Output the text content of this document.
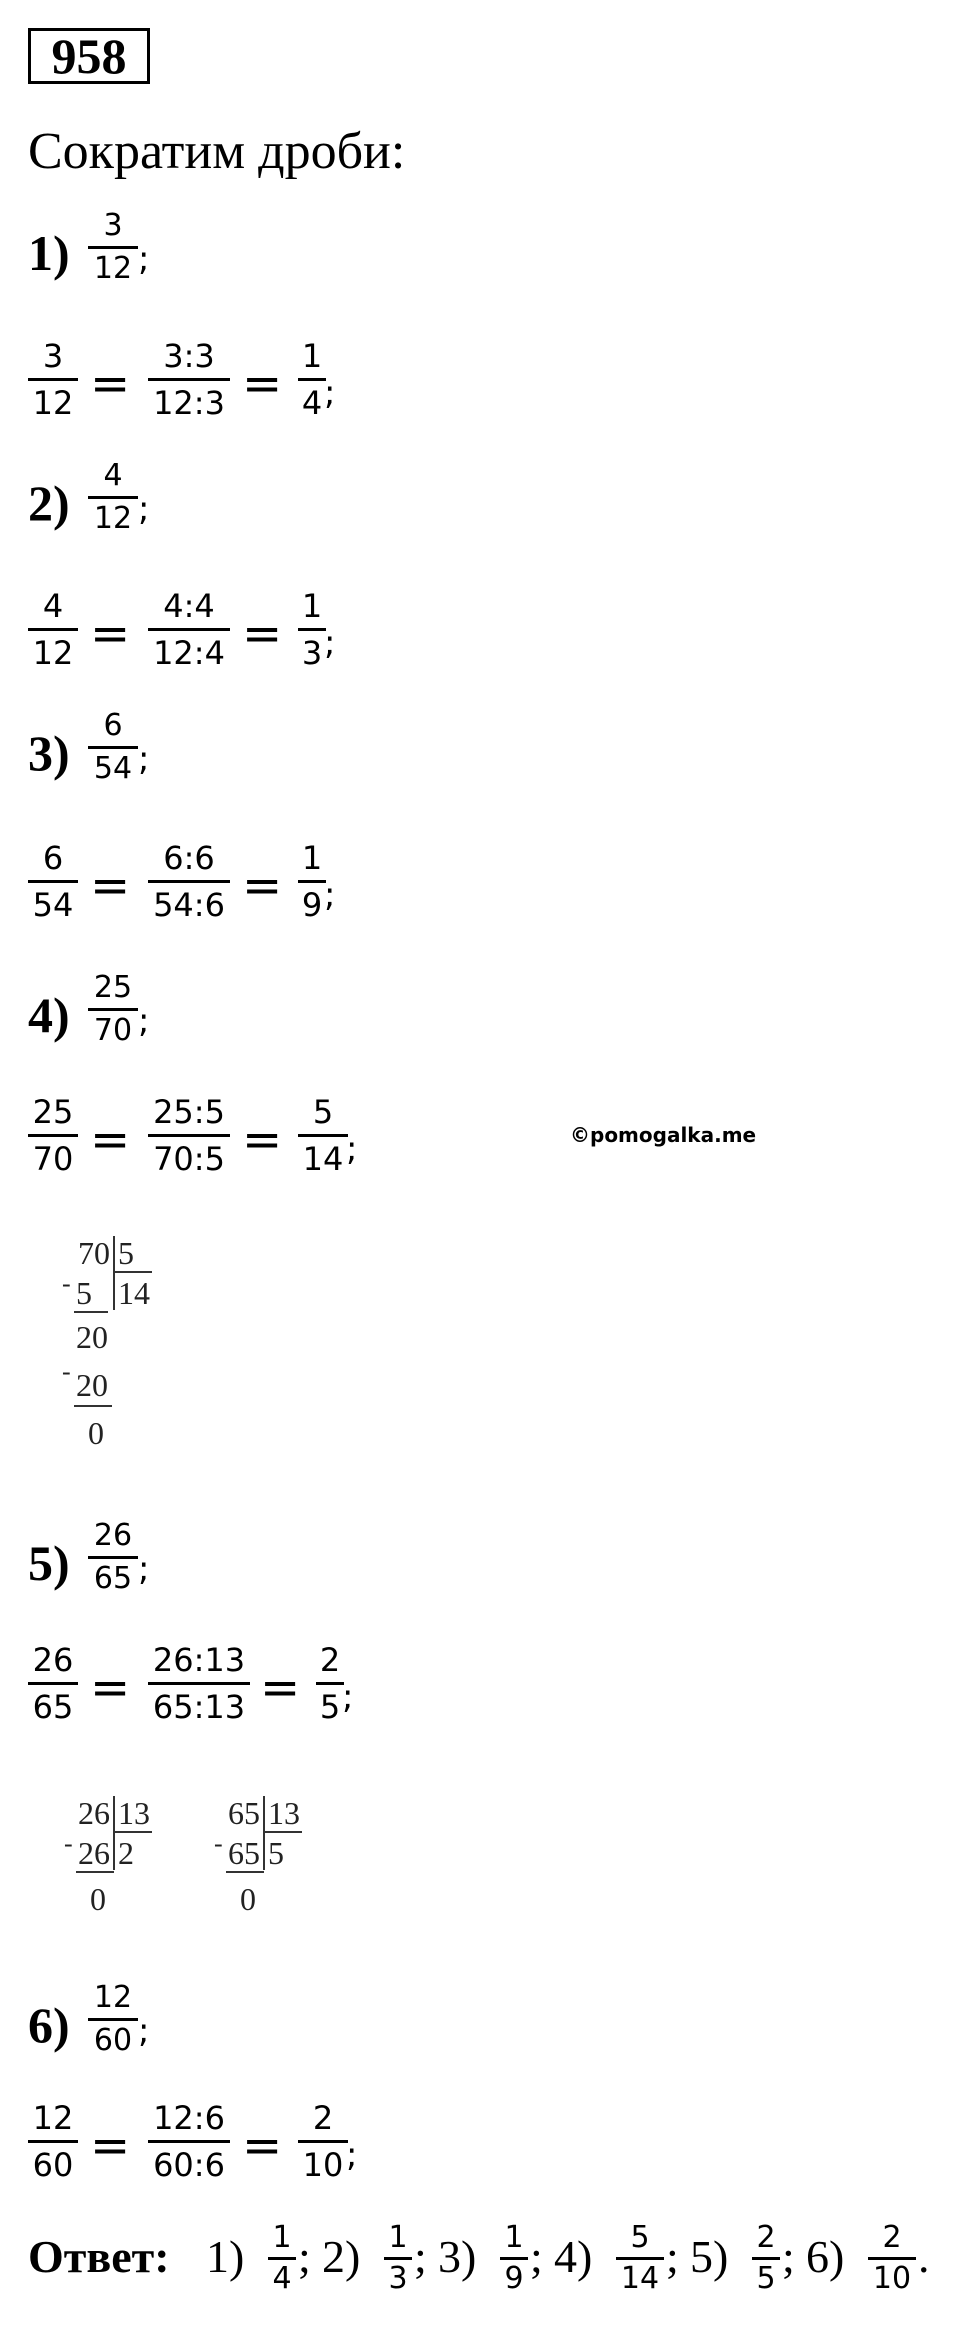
958
Сократим дроби:
©pomogalka.me
1)	3
12 ;
3
12 =	3:3
12:3 = 1
4 ;
2)	4
12 ;
4
12 =	4:4
12:4 = 1
3 ;
3)	6
54 ;
6
54 =	6:6
54:6 = 1
9 ;
4) 25
70 ;
25
70 = 25:5
70:5 = 5
14 ;
70 5
14
- 5
20
- 20
0
5) 26
65 ;
26
65 = 26:13
65:13 = 2
5 ;
26 13
2
- 26
0
65 13
5
- 65
0
6) 12
60 ;
12
60 = 12:6
60:6 = 2
10 ;
Ответ: 1) 1
4 ; 2) 1
3 ; 3) 1
9 ; 4)	5
14 ; 5) 2
5 ; 6)	2
10 .
